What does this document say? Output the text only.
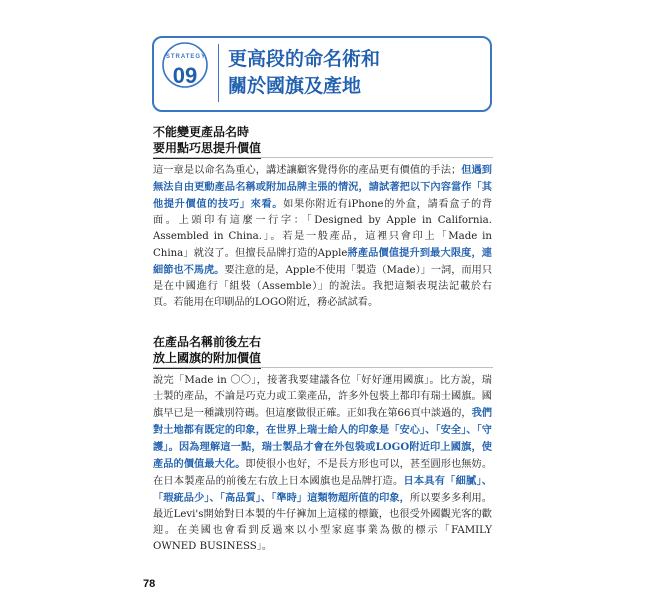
STRATEGY
09
更高段的命名術和
關於國旗及產地
不能變更產品名時
要用點巧思提升價值
這一章是以命名為重心，講述讓顧客覺得你的產品更有價值的手法；但遇到無法自由更動產品名稱或附加品牌主張的情況，請試著把以下內容當作「其他提升價值的技巧」來看。如果你附近有iPhone的外盒，請看盒子的背面。上頭印有這麼一行字：「Designed by Apple in California. Assembled in China.」。若是一般產品，這裡只會印上「Made in China」就沒了。但擅長品牌打造的Apple將產品價值提升到最大限度，連細節也不馬虎。要注意的是，Apple不使用「製造（Made）」一詞，而用只是在中國進行「組裝（Assemble）」的說法。我把這類表現法記載於右頁。若能用在印刷品的LOGO附近，務必試試看。
在產品名稱前後左右
放上國旗的附加價值
說完「Made in 〇〇」，接著我要建議各位「好好運用國旗」。比方說，瑞士製的產品，不論是巧克力或工業產品，許多外包裝上都印有瑞士國旗。國旗早已是一種識別符碼。但這麼做很正確。正如我在第66頁中談過的，我們對土地都有既定的印象，在世界上瑞士給人的印象是「安心」、「安全」、「守護」。因為理解這一點，瑞士製品才會在外包裝或LOGO附近印上國旗，使產品的價值最大化。即使很小也好，不是長方形也可以，甚至圓形也無妨。在日本製產品的前後左右放上日本國旗也是品牌打造。日本具有「細膩」、「瑕疵品少」、「高品質」、「準時」這類物超所值的印象，所以要多多利用。最近Levi's開始對日本製的牛仔褲加上這樣的標籤，也很受外國觀光客的歡迎。在美國也會看到反過來以小型家庭事業為傲的標示「FAMILY OWNED BUSINESS」。
78
